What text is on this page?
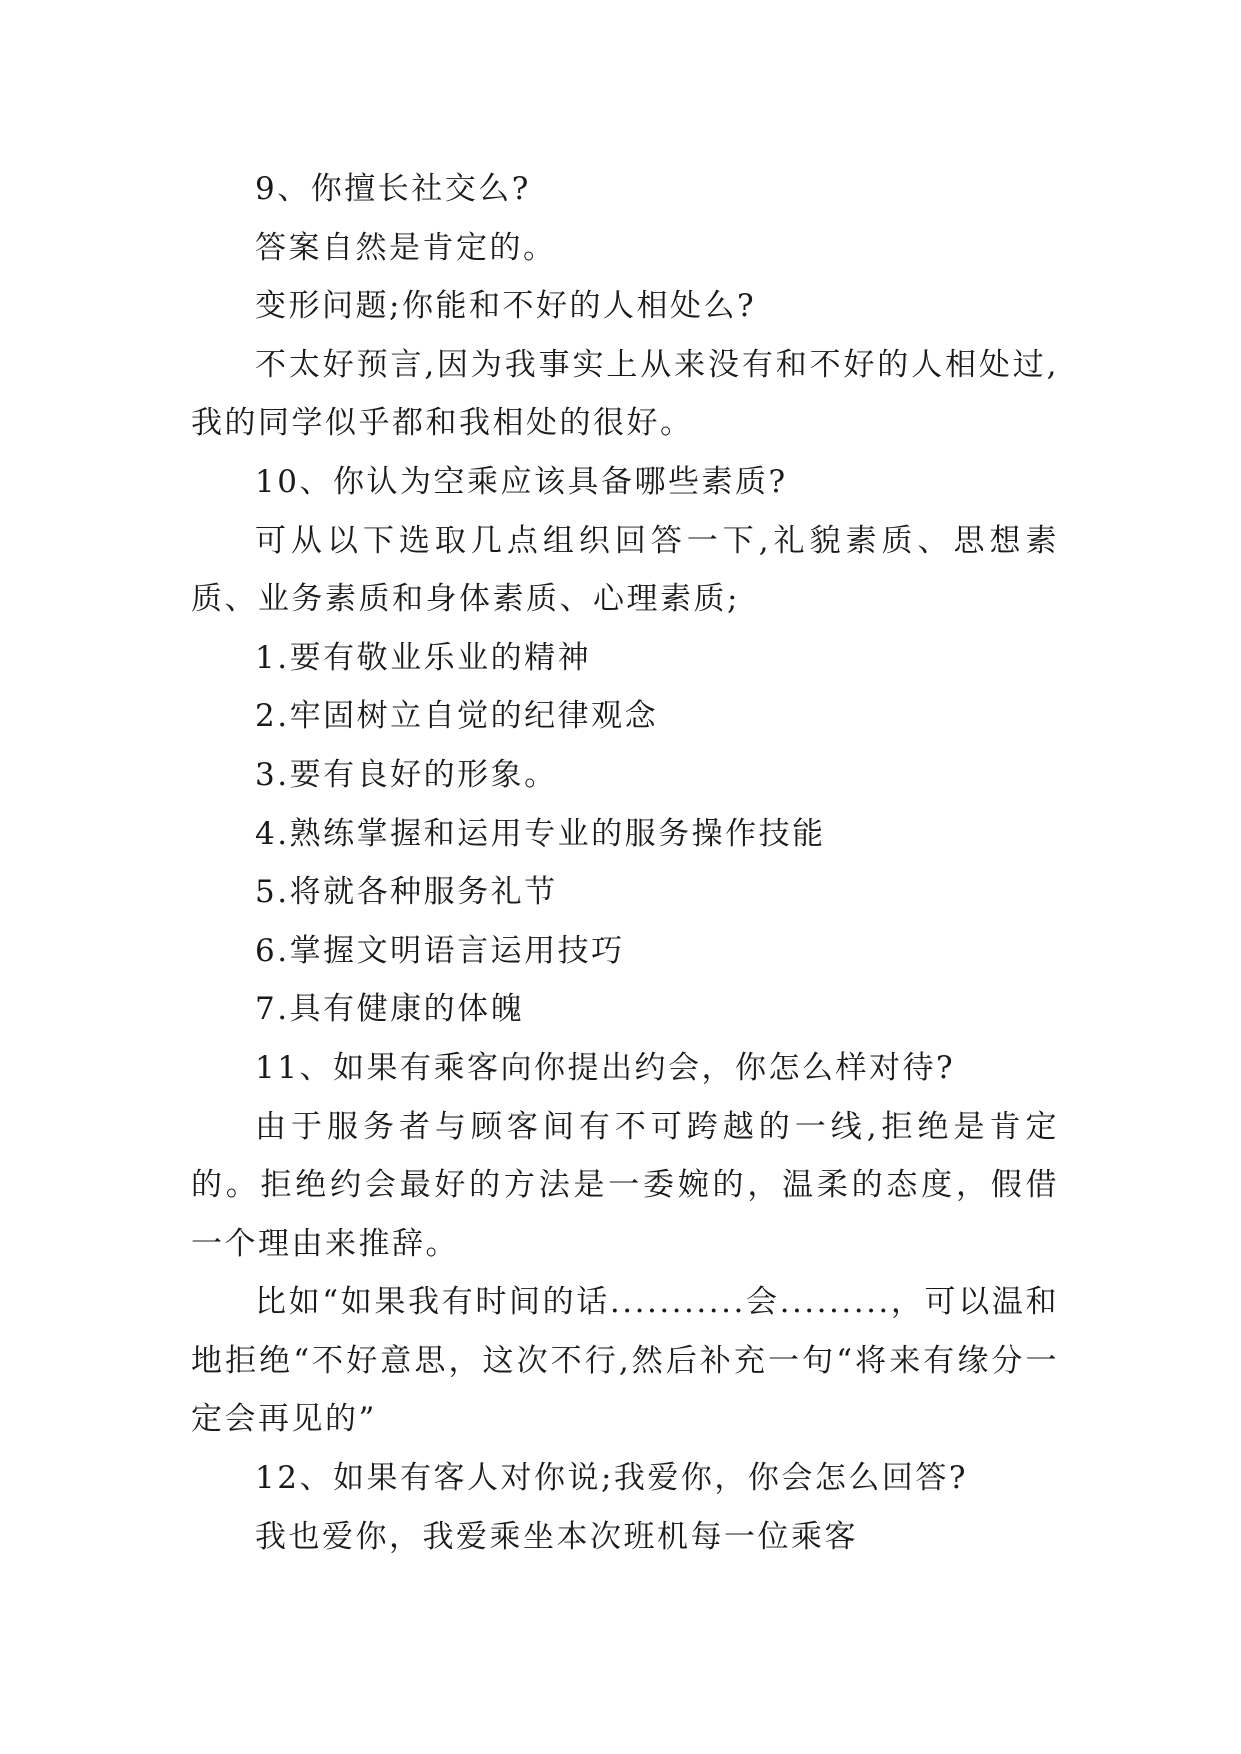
9、你擅长社交么?

答案自然是肯定的。

变形问题;你能和不好的人相处么?

不太好预言,因为我事实上从来没有和不好的人相处过,我的同学似乎都和我相处的很好。

10、你认为空乘应该具备哪些素质?

可从以下选取几点组织回答一下,礼貌素质、思想素质、业务素质和身体素质、心理素质;

1.要有敬业乐业的精神

2.牢固树立自觉的纪律观念

3.要有良好的形象。

4.熟练掌握和运用专业的服务操作技能

5.将就各种服务礼节

6.掌握文明语言运用技巧

7.具有健康的体魄

11、如果有乘客向你提出约会，你怎么样对待?

由于服务者与顾客间有不可跨越的一线,拒绝是肯定的。拒绝约会最好的方法是一委婉的，温柔的态度，假借一个理由来推辞。

比如“如果我有时间的话...........会.........，可以温和地拒绝“不好意思，这次不行,然后补充一句“将来有缘分一定会再见的”

12、如果有客人对你说;我爱你，你会怎么回答?

我也爱你，我爱乘坐本次班机每一位乘客
